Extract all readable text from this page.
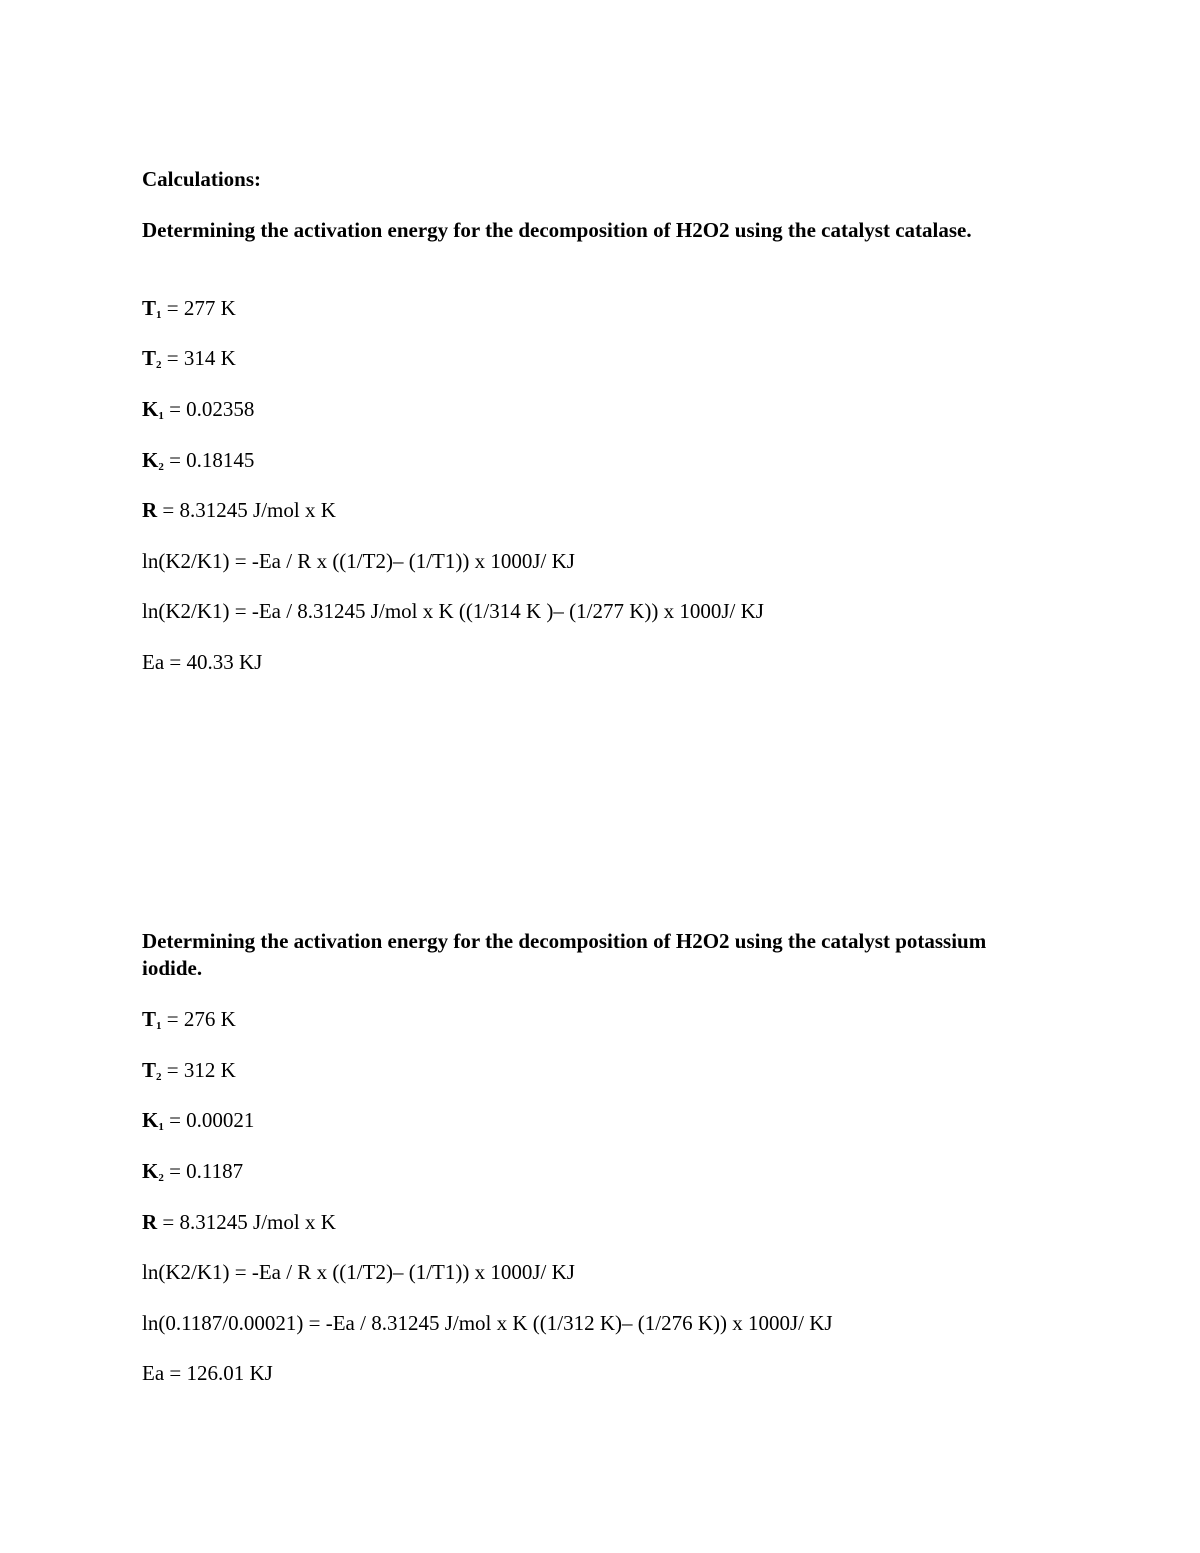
Calculations:
Determining the activation energy for the decomposition of H2O2 using the catalyst catalase.
$T_1 = 277$ K
$T_2 = 314$ K
$K_1 = 0.02358$
$K_2 = 0.18145$
R = 8.31245 J/mol x K
ln(K2/K1) = -Ea / R x ((1/T2)– (1/T1)) x 1000J/ KJ
ln(K2/K1) = -Ea / 8.31245 J/mol x K ((1/314 K )– (1/277 K)) x 1000J/ KJ
Ea = 40.33 KJ
Determining the activation energy for the decomposition of H2O2 using the catalyst potassium iodide.
$T_1 = 276$ K
$T_2 = 312$ K
$K_1 = 0.00021$
$K_2 = 0.1187$
R = 8.31245 J/mol x K
ln(K2/K1) = -Ea / R x ((1/T2)– (1/T1)) x 1000J/ KJ
ln(0.1187/0.00021) = -Ea / 8.31245 J/mol x K ((1/312 K)– (1/276 K)) x 1000J/ KJ
Ea = 126.01 KJ
